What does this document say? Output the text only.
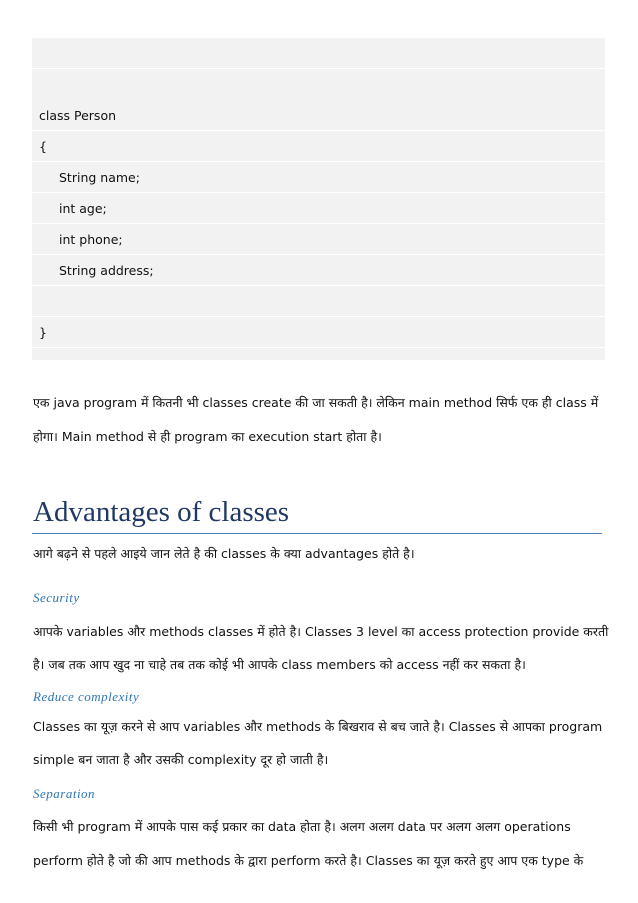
class Person
{
String name;
int age;
int phone;
String address;
}
एक java program में कितनी भी classes create की जा सकती है। लेकिन main method सिर्फ एक ही class में
होगा। Main method से ही program का execution start होता है।
Advantages of classes
आगे बढ़ने से पहले आइये जान लेते है की classes के क्या advantages होते है।
Security
आपके variables और methods classes में होते है। Classes 3 level का access protection provide करती
है। जब तक आप खुद ना चाहे तब तक कोई भी आपके class members को access नहीं कर सकता है।
Reduce complexity
Classes का यूज़ करने से आप variables और methods के बिखराव से बच जाते है। Classes से आपका program
simple बन जाता है और उसकी complexity दूर हो जाती है।
Separation
किसी भी program में आपके पास कई प्रकार का data होता है। अलग अलग data पर अलग अलग operations
perform होते है जो की आप methods के द्वारा perform करते है। Classes का यूज़ करते हुए आप एक type के
